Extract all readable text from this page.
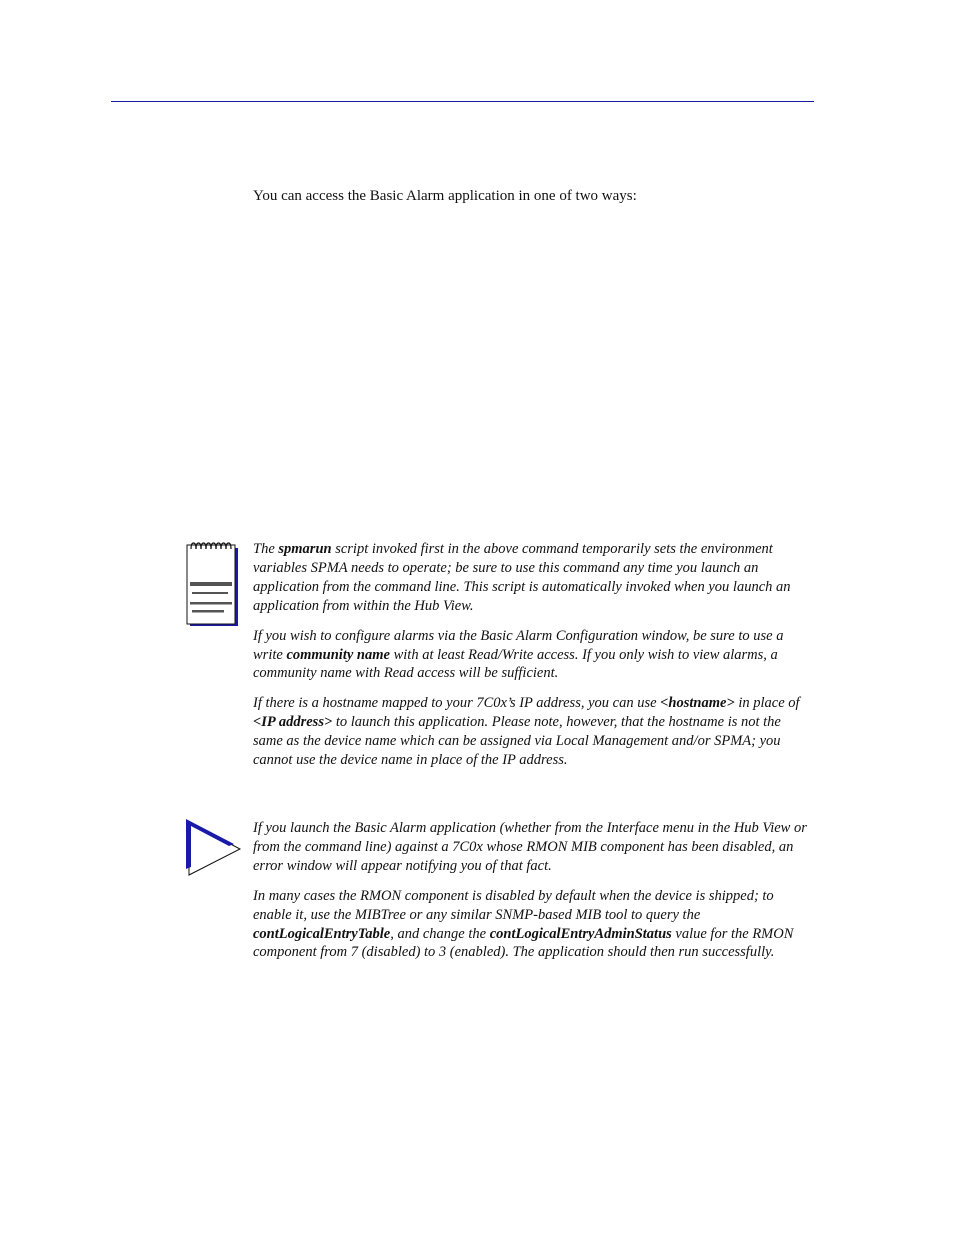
You can access the Basic Alarm application in one of two ways:

The spmarun script invoked first in the above command temporarily sets the environment variables SPMA needs to operate; be sure to use this command any time you launch an application from the command line. This script is automatically invoked when you launch an application from within the Hub View.

If you wish to configure alarms via the Basic Alarm Configuration window, be sure to use a write community name with at least Read/Write access. If you only wish to view alarms, a community name with Read access will be sufficient.

If there is a hostname mapped to your 7C0x’s IP address, you can use <hostname> in place of <IP address> to launch this application. Please note, however, that the hostname is not the same as the device name which can be assigned via Local Management and/or SPMA; you cannot use the device name in place of the IP address.

If you launch the Basic Alarm application (whether from the Interface menu in the Hub View or from the command line) against a 7C0x whose RMON MIB component has been disabled, an error window will appear notifying you of that fact.

In many cases the RMON component is disabled by default when the device is shipped; to enable it, use the MIBTree or any similar SNMP-based MIB tool to query the contLogicalEntryTable, and change the contLogicalEntryAdminStatus value for the RMON component from 7 (disabled) to 3 (enabled). The application should then run successfully.
